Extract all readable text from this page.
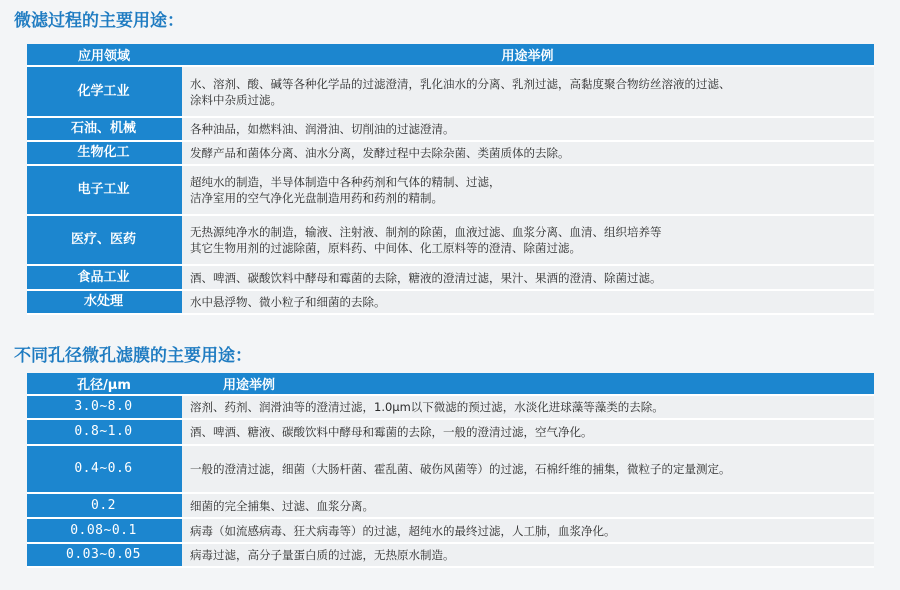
微滤过程的主要用途：
应用领域	用途举例
化学工业	水、溶剂、酸、碱等各种化学品的过滤澄清，乳化油水的分离、乳剂过滤，高黏度聚合物纺丝溶液的过滤、
涂料中杂质过滤。

石油、机械	各种油品，如燃料油、润滑油、切削油的过滤澄清。

生物化工	发酵产品和菌体分离、油水分离，发酵过程中去除杂菌、类菌质体的去除。

电子工业	超纯水的制造，半导体制造中各种药剂和气体的精制、过滤，
洁净室用的空气净化光盘制造用药和药剂的精制。

医疗、医药	无热源纯净水的制造，输液、注射液、制剂的除菌，血液过滤、血浆分离、血清、组织培养等
其它生物用剂的过滤除菌，原料药、中间体、化工原料等的澄清、除菌过滤。

食品工业	酒、啤酒、碳酸饮料中酵母和霉菌的去除，糖液的澄清过滤，果汁、果酒的澄清、除菌过滤。

水处理	水中悬浮物、微小粒子和细菌的去除。
不同孔径微孔滤膜的主要用途：
孔径/μm	用途举例
3.0~8.0	溶剂、药剂、润滑油等的澄清过滤，1.0μm以下微滤的预过滤，水淡化进球藻等藻类的去除。

0.8~1.0	酒、啤酒、糖液、碳酸饮料中酵母和霉菌的去除，一般的澄清过滤，空气净化。

0.4~0.6	一般的澄清过滤，细菌（大肠杆菌、霍乱菌、破伤风菌等）的过滤，石棉纤维的捕集，微粒子的定量测定。

0.2	细菌的完全捕集、过滤、血浆分离。

0.08~0.1	病毒（如流感病毒、狂犬病毒等）的过滤，超纯水的最终过滤，人工肺，血浆净化。

0.03~0.05	病毒过滤，高分子量蛋白质的过滤，无热原水制造。
